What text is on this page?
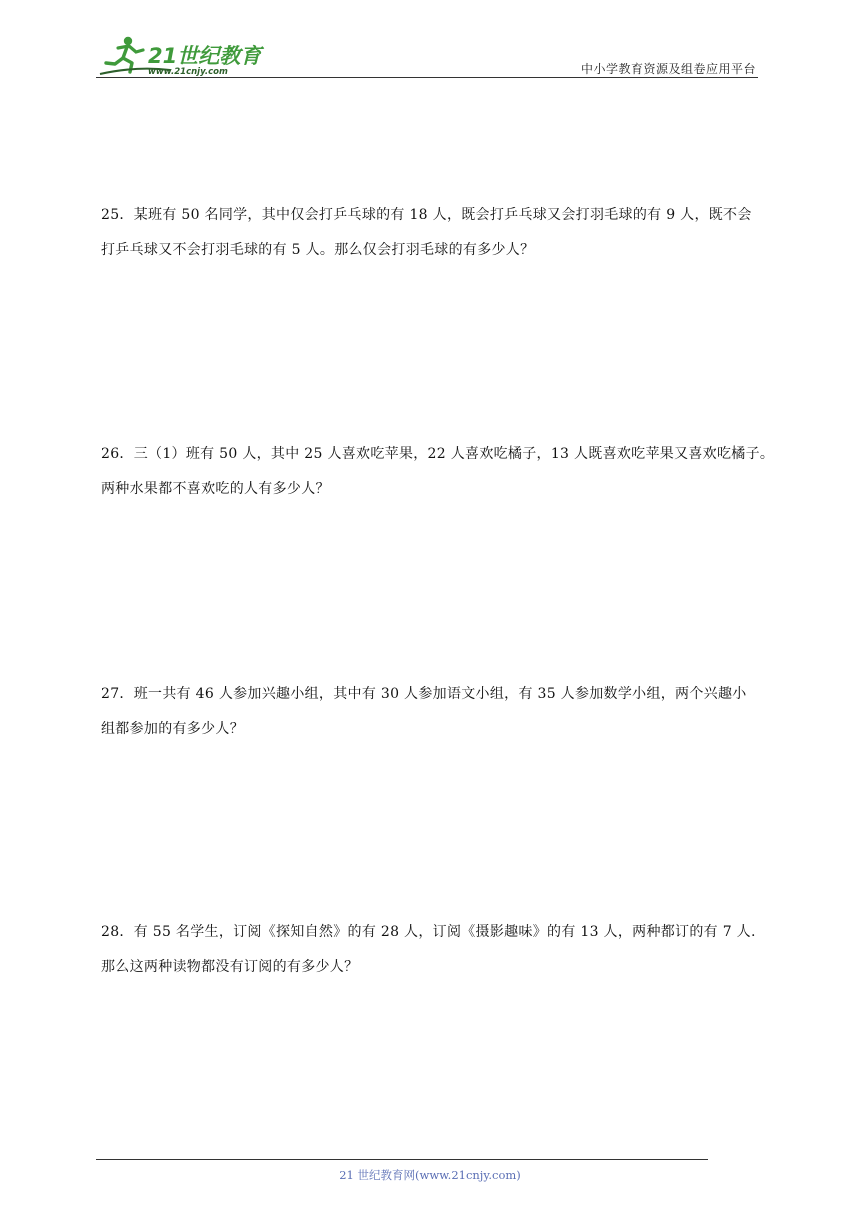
21世纪教育
www.21cnjy.com	中小学教育资源及组卷应用平台

25．某班有 50 名同学，其中仅会打乒乓球的有 18 人，既会打乒乓球又会打羽毛球的有 9 人，既不会

打乒乓球又不会打羽毛球的有 5 人。那么仅会打羽毛球的有多少人？

26．三（1）班有 50 人，其中 25 人喜欢吃苹果，22 人喜欢吃橘子，13 人既喜欢吃苹果又喜欢吃橘子。

两种水果都不喜欢吃的人有多少人？

27．班一共有 46 人参加兴趣小组，其中有 30 人参加语文小组，有 35 人参加数学小组，两个兴趣小

组都参加的有多少人？

28．有 55 名学生，订阅《探知自然》的有 28 人，订阅《摄影趣味》的有 13 人，两种都订的有 7 人.

那么这两种读物都没有订阅的有多少人？

21 世纪教育网(www.21cnjy.com)
